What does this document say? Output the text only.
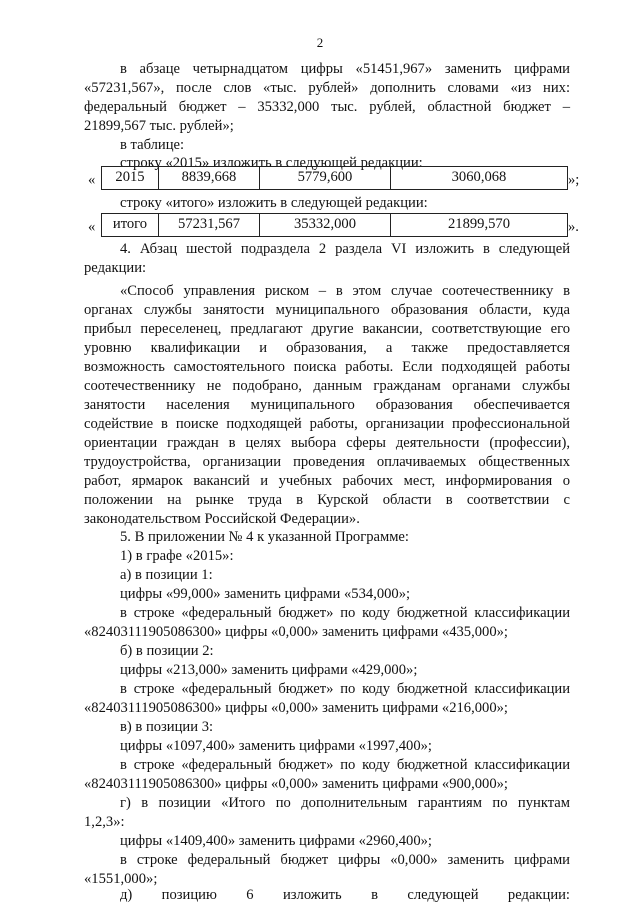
2
в абзаце четырнадцатом цифры «51451,967» заменить цифрами
«57231,567», после слов «тыс. рублей» дополнить словами «из них:
федеральный бюджет – 35332,000 тыс. рублей, областной бюджет –
21899,567 тыс. рублей»;
в таблице:
строку «2015» изложить в следующей редакции:
« 2015	8839,668	5779,600	3060,068	»;
строку «итого» изложить в следующей редакции:
« итого	57231,567	35332,000	21899,570	».
4. Абзац шестой подраздела 2 раздела VI изложить в следующей
редакции:
«Способ управления риском – в этом случае соотечественнику в
органах службы занятости муниципального образования области, куда
прибыл переселенец, предлагают другие вакансии, соответствующие его
уровню квалификации и образования, а также предоставляется
возможность самостоятельного поиска работы. Если подходящей работы
соотечественнику не подобрано, данным гражданам органами службы
занятости населения муниципального образования обеспечивается
содействие в поиске подходящей работы, организации профессиональной
ориентации граждан в целях выбора сферы деятельности (профессии),
трудоустройства, организации проведения оплачиваемых общественных
работ, ярмарок вакансий и учебных рабочих мест, информирования о
положении на рынке труда в Курской области в соответствии с
законодательством Российской Федерации».
5. В приложении № 4 к указанной Программе:
1) в графе «2015»:
а) в позиции 1:
цифры «99,000» заменить цифрами «534,000»;
в строке «федеральный бюджет» по коду бюджетной классификации
«82403111905086300» цифры «0,000» заменить цифрами «435,000»;
б) в позиции 2:
цифры «213,000» заменить цифрами «429,000»;
в строке «федеральный бюджет» по коду бюджетной классификации
«82403111905086300» цифры «0,000» заменить цифрами «216,000»;
в) в позиции 3:
цифры «1097,400» заменить цифрами «1997,400»;
в строке «федеральный бюджет» по коду бюджетной классификации
«82403111905086300» цифры «0,000» заменить цифрами «900,000»;
г) в позиции «Итого по дополнительным гарантиям по пунктам
1,2,3»:
цифры «1409,400» заменить цифрами «2960,400»;
в строке федеральный бюджет цифры «0,000» заменить цифрами
«1551,000»;
д) позицию 6 изложить в следующей редакции:
